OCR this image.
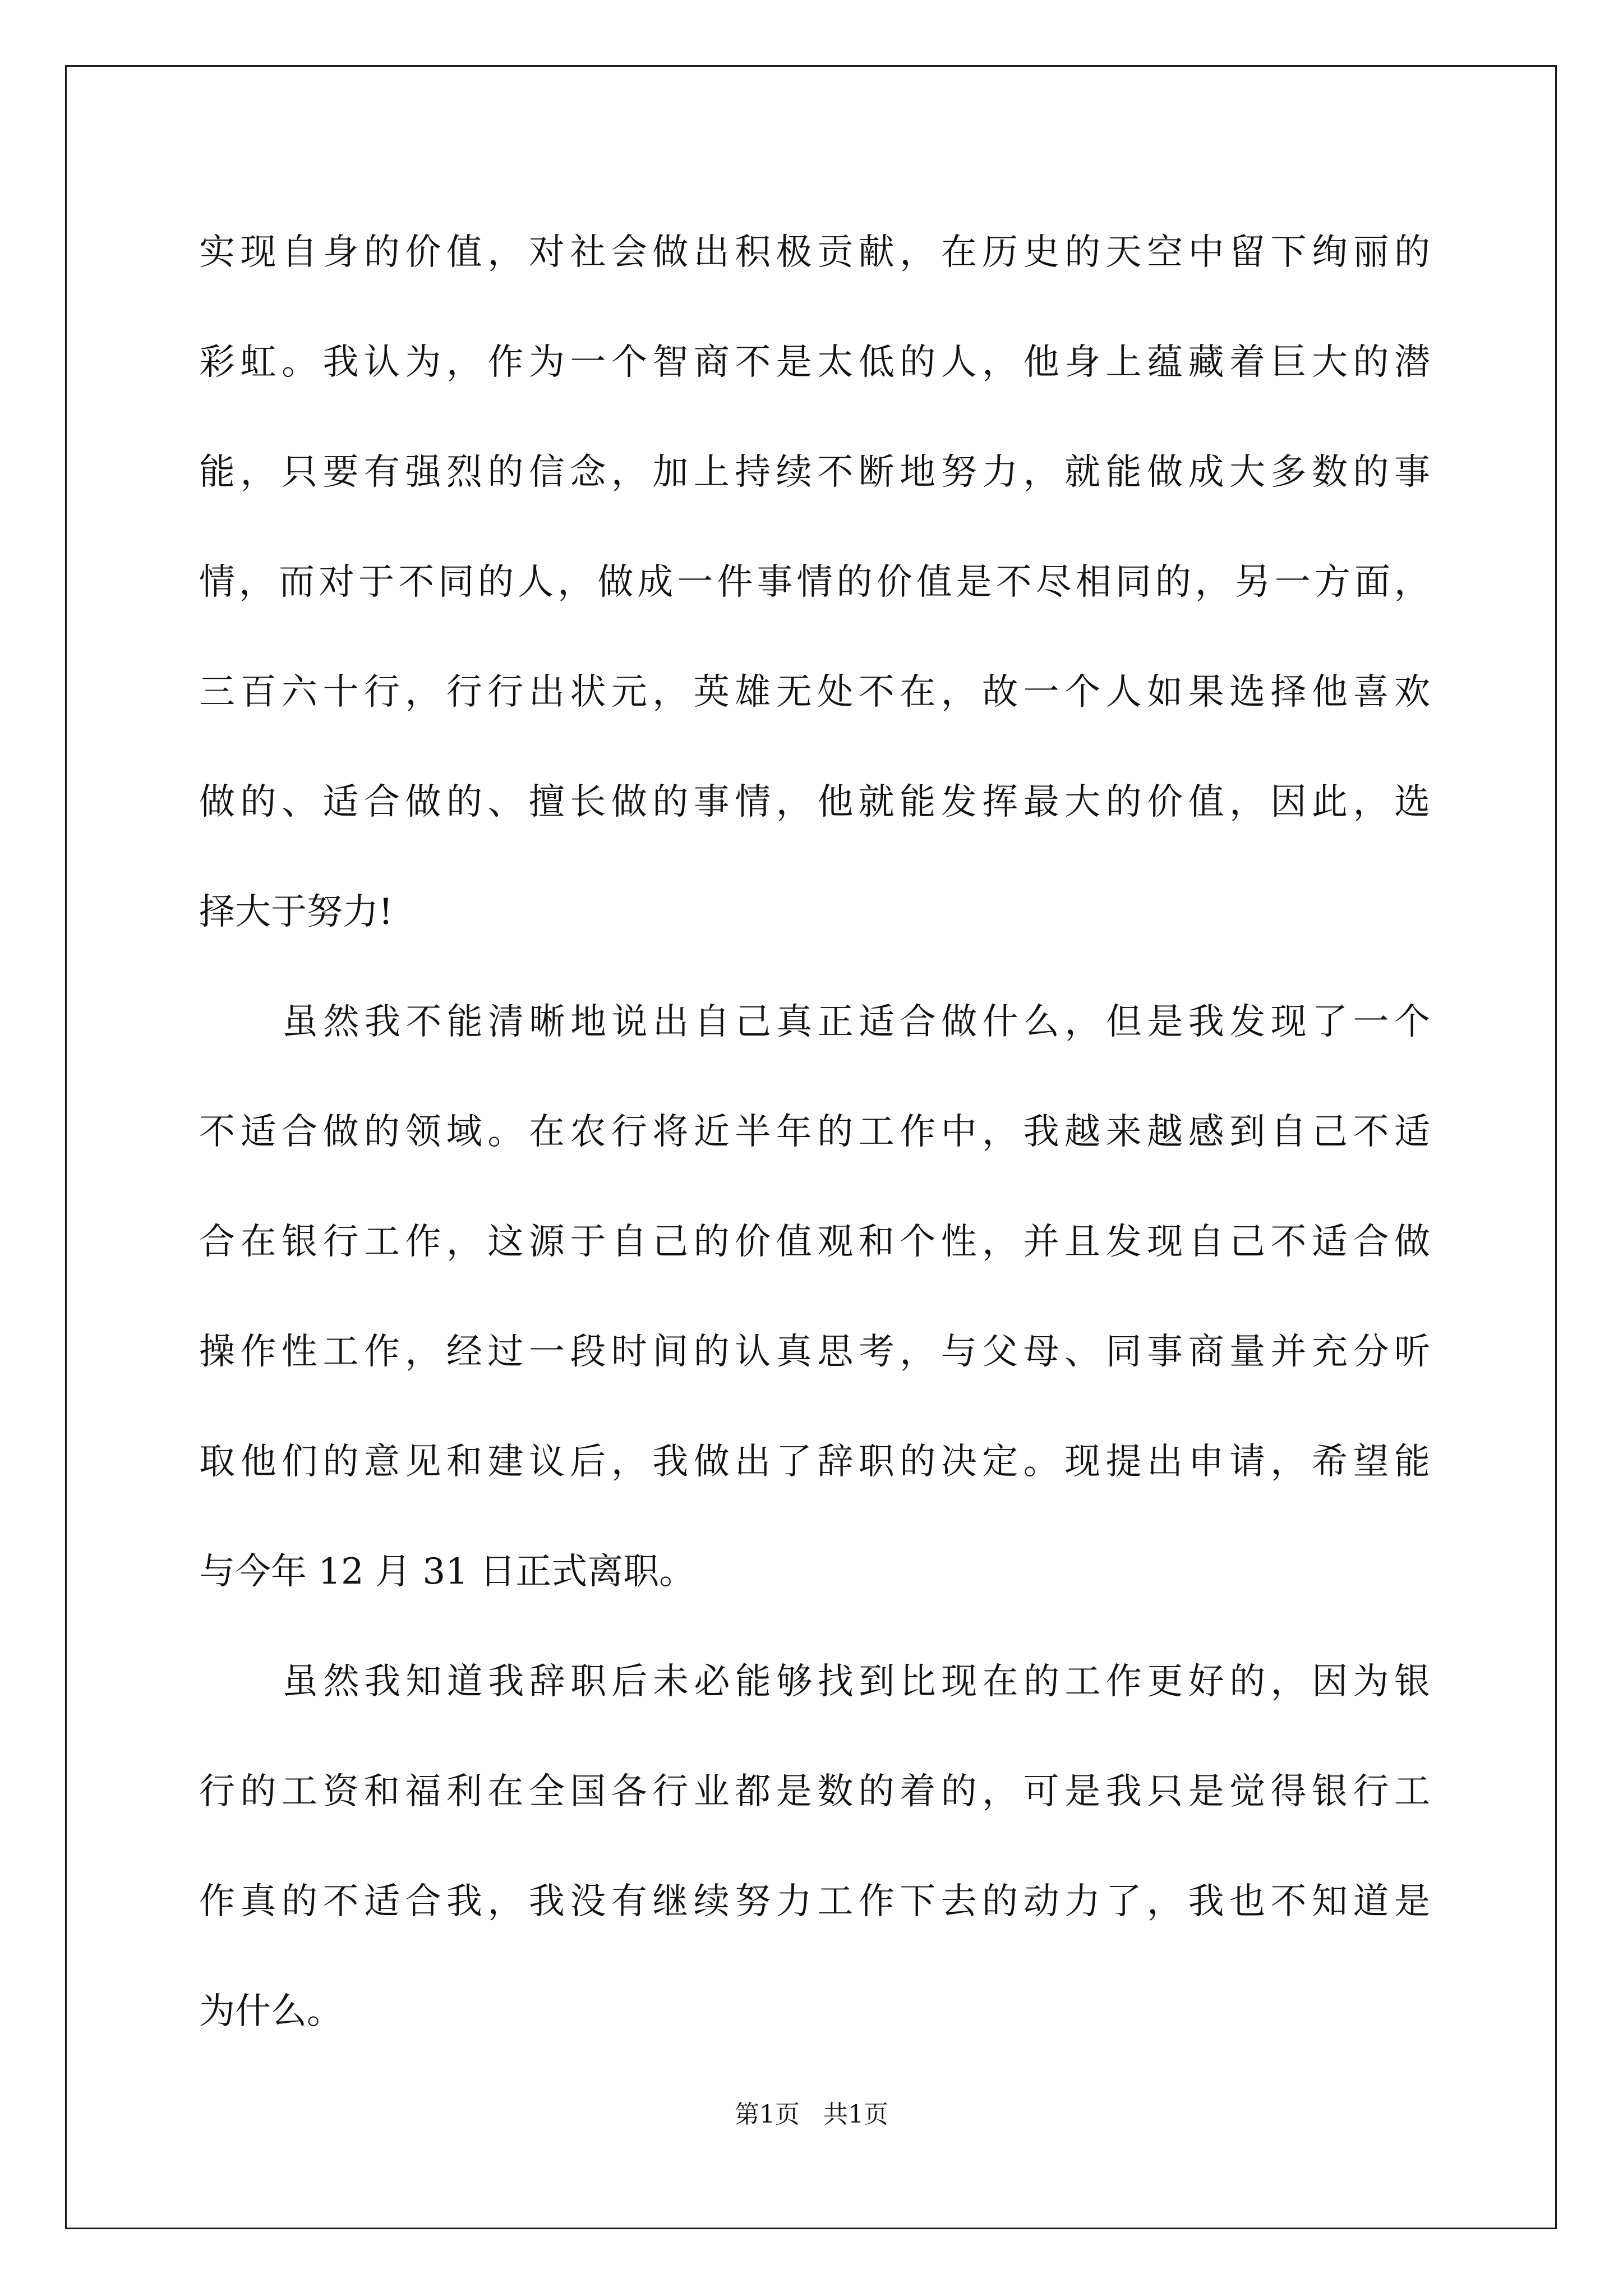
实现自身的价值，对社会做出积极贡献，在历史的天空中留下绚丽的
彩虹。我认为，作为一个智商不是太低的人，他身上蕴藏着巨大的潜
能，只要有强烈的信念，加上持续不断地努力，就能做成大多数的事
情，而对于不同的人，做成一件事情的价值是不尽相同的，另一方面，
三百六十行，行行出状元，英雄无处不在，故一个人如果选择他喜欢
做的、适合做的、擅长做的事情，他就能发挥最大的价值，因此，选
择大于努力!
虽然我不能清晰地说出自己真正适合做什么，但是我发现了一个
不适合做的领域。在农行将近半年的工作中，我越来越感到自己不适
合在银行工作，这源于自己的价值观和个性，并且发现自己不适合做
操作性工作，经过一段时间的认真思考，与父母、同事商量并充分听
取他们的意见和建议后，我做出了辞职的决定。现提出申请，希望能
与今年 12 月 31 日正式离职。
虽然我知道我辞职后未必能够找到比现在的工作更好的，因为银
行的工资和福利在全国各行业都是数的着的，可是我只是觉得银行工
作真的不适合我，我没有继续努力工作下去的动力了，我也不知道是
为什么。
第1页   共1页
